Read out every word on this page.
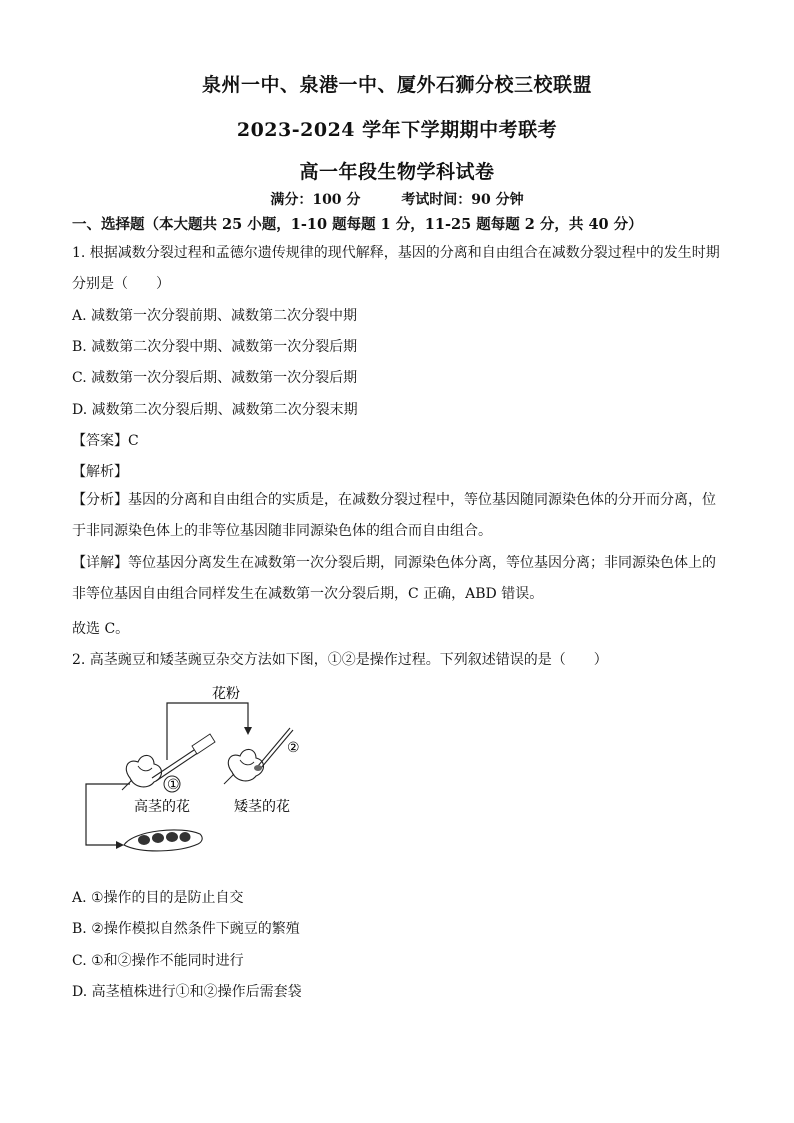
泉州一中、泉港一中、厦外石狮分校三校联盟
2023-2024 学年下学期期中考联考
高一年段生物学科试卷
满分：100 分	考试时间：90 分钟
一、选择题（本大题共 25 小题，1-10 题每题 1 分，11-25 题每题 2 分，共 40 分）
1. 根据减数分裂过程和孟德尔遗传规律的现代解释，基因的分离和自由组合在减数分裂过程中的发生时期
分别是（　　）
A. 减数第一次分裂前期、减数第二次分裂中期
B. 减数第二次分裂中期、减数第一次分裂后期
C. 减数第一次分裂后期、减数第一次分裂后期
D. 减数第二次分裂后期、减数第二次分裂末期
【答案】C
【解析】
【分析】基因的分离和自由组合的实质是，在减数分裂过程中，等位基因随同源染色体的分开而分离，位于非同源染色体上的非等位基因随非同源染色体的组合而自由组合。
【详解】等位基因分离发生在减数第一次分裂后期，同源染色体分离，等位基因分离；非同源染色体上的非等位基因自由组合同样发生在减数第一次分裂后期，C 正确，ABD 错误。
故选 C。
2. 高茎豌豆和矮茎豌豆杂交方法如下图，①②是操作过程。下列叙述错误的是（　　）
花粉
①
②
高茎的花	矮茎的花
A. ①操作的目的是防止自交
B. ②操作模拟自然条件下豌豆的繁殖
C. ①和②操作不能同时进行
D. 高茎植株进行①和②操作后需套袋
